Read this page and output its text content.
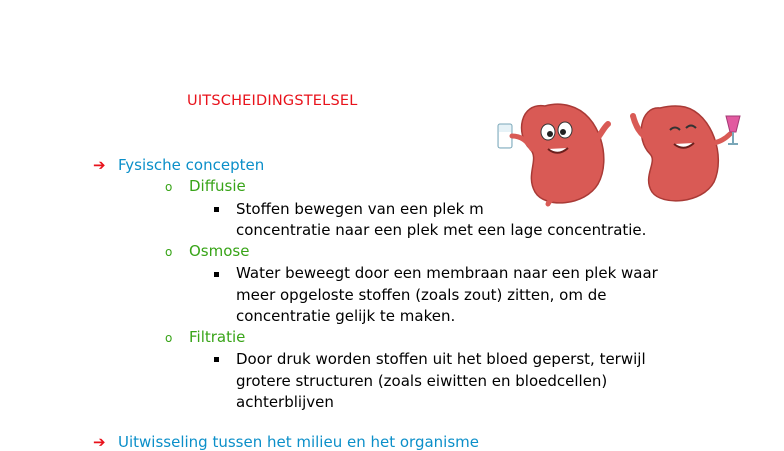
UITSCHEIDINGSTELSEL
➔ Fysische concepten
o Diffusie
Stoffen bewegen van een plek m
concentratie naar een plek met een lage concentratie.
o Osmose
Water beweegt door een membraan naar een plek waar
meer opgeloste stoffen (zoals zout) zitten, om de
concentratie gelijk te maken.
o Filtratie
Door druk worden stoffen uit het bloed geperst, terwijl
grotere structuren (zoals eiwitten en bloedcellen)
achterblijven
➔ Uitwisseling tussen het milieu en het organisme
